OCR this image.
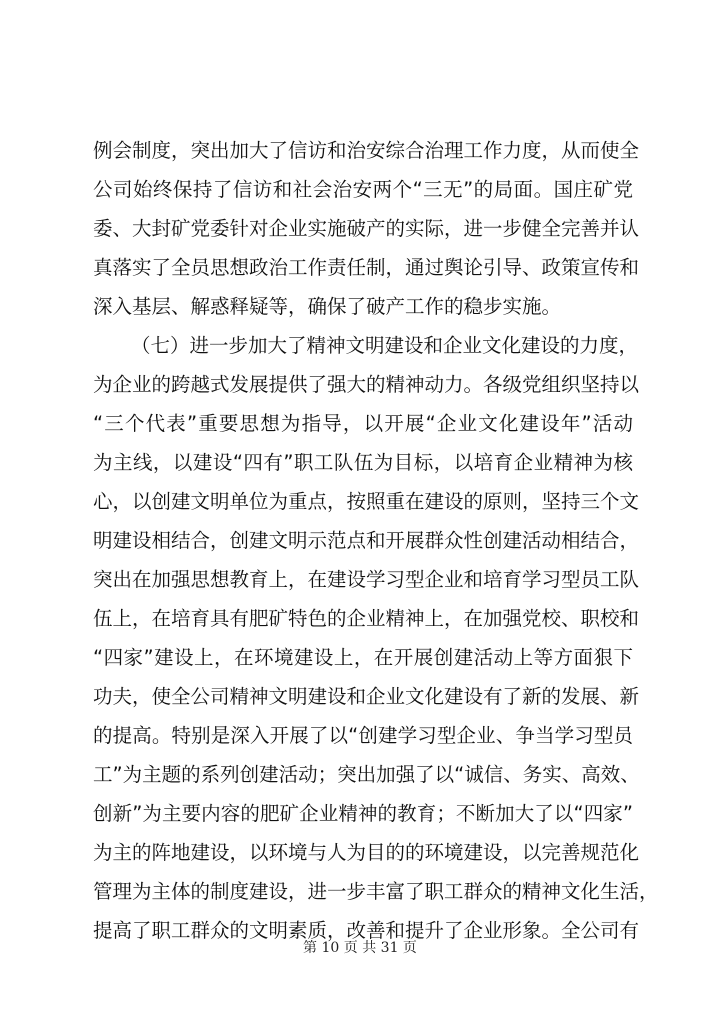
例会制度，突出加大了信访和治安综合治理工作力度，从而使全
公司始终保持了信访和社会治安两个“三无”的局面。国庄矿党
委、大封矿党委针对企业实施破产的实际，进一步健全完善并认
真落实了全员思想政治工作责任制，通过舆论引导、政策宣传和
深入基层、解惑释疑等，确保了破产工作的稳步实施。
（七）进一步加大了精神文明建设和企业文化建设的力度，
为企业的跨越式发展提供了强大的精神动力。各级党组织坚持以
“三个代表”重要思想为指导，以开展“企业文化建设年”活动
为主线，以建设“四有”职工队伍为目标，以培育企业精神为核
心，以创建文明单位为重点，按照重在建设的原则，坚持三个文
明建设相结合，创建文明示范点和开展群众性创建活动相结合，
突出在加强思想教育上，在建设学习型企业和培育学习型员工队
伍上，在培育具有肥矿特色的企业精神上，在加强党校、职校和
“四家”建设上，在环境建设上，在开展创建活动上等方面狠下
功夫，使全公司精神文明建设和企业文化建设有了新的发展、新
的提高。特别是深入开展了以“创建学习型企业、争当学习型员
工”为主题的系列创建活动；突出加强了以“诚信、务实、高效、
创新”为主要内容的肥矿企业精神的教育；不断加大了以“四家”
为主的阵地建设，以环境与人为目的的环境建设，以完善规范化
管理为主体的制度建设，进一步丰富了职工群众的精神文化生活，
提高了职工群众的文明素质，改善和提升了企业形象。全公司有
第 10 页 共 31 页
